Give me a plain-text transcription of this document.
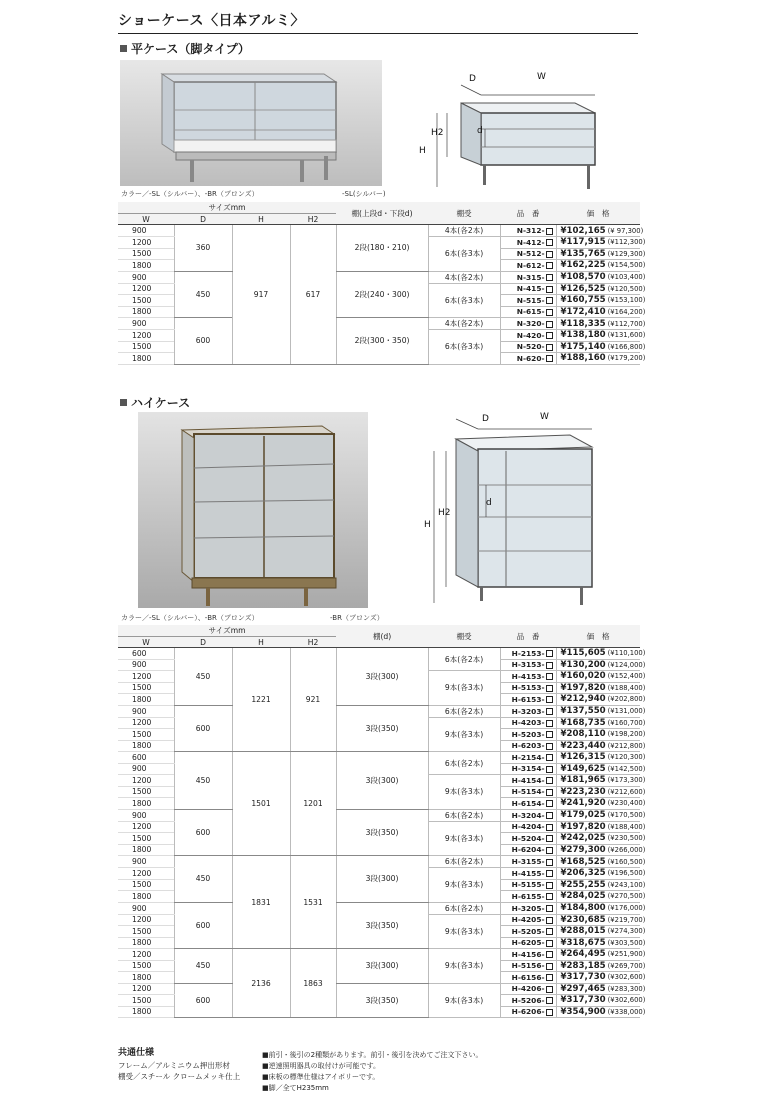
ショーケース〈日本アルミ〉
平ケース（脚タイプ）
カラー／-SL（シルバー）、-BR（ブロンズ）	-SL(シルバー)
D	W
H2
H
d
サイズmm				棚(上段d・下段d)	棚受	品　番	価　格
W	D	H	H2				
900	360	917	617	2段(180・210)	4本(各2本)	N-312-	¥102,165 (¥ 97,300)
1200					6本(各3本)	N-412-	¥117,915 (¥112,300)
1500						N-512-	¥135,765 (¥129,300)
1800						N-612-	¥162,225 (¥154,500)
900	450			2段(240・300)	4本(各2本)	N-315-	¥108,570 (¥103,400)
1200					6本(各3本)	N-415-	¥126,525 (¥120,500)
1500						N-515-	¥160,755 (¥153,100)
1800						N-615-	¥172,410 (¥164,200)
900	600			2段(300・350)	4本(各2本)	N-320-	¥118,335 (¥112,700)
1200					6本(各3本)	N-420-	¥138,180 (¥131,600)
1500						N-520-	¥175,140 (¥166,800)
1800						N-620-	¥188,160 (¥179,200)
ハイケース
カラー／-SL（シルバー）、-BR（ブロンズ）	-BR（ブロンズ）
D	W
H2
H
d
サイズmm				棚(d)	棚受	品　番	価　格
W	D	H	H2				
600	450	1221	921	3段(300)	6本(各2本)	H-2153-	¥115,605 (¥110,100)
900						H-3153-	¥130,200 (¥124,000)
1200					9本(各3本)	H-4153-	¥160,020 (¥152,400)
1500						H-5153-	¥197,820 (¥188,400)
1800						H-6153-	¥212,940 (¥202,800)
900	600			3段(350)	6本(各2本)	H-3203-	¥137,550 (¥131,000)
1200					9本(各3本)	H-4203-	¥168,735 (¥160,700)
1500						H-5203-	¥208,110 (¥198,200)
1800						H-6203-	¥223,440 (¥212,800)
600	450	1501	1201	3段(300)	6本(各2本)	H-2154-	¥126,315 (¥120,300)
900						H-3154-	¥149,625 (¥142,500)
1200					9本(各3本)	H-4154-	¥181,965 (¥173,300)
1500						H-5154-	¥223,230 (¥212,600)
1800						H-6154-	¥241,920 (¥230,400)
900	600			3段(350)	6本(各2本)	H-3204-	¥179,025 (¥170,500)
1200					9本(各3本)	H-4204-	¥197,820 (¥188,400)
1500						H-5204-	¥242,025 (¥230,500)
1800						H-6204-	¥279,300 (¥266,000)
900	450	1831	1531	3段(300)	6本(各2本)	H-3155-	¥168,525 (¥160,500)
1200					9本(各3本)	H-4155-	¥206,325 (¥196,500)
1500						H-5155-	¥255,255 (¥243,100)
1800						H-6155-	¥284,025 (¥270,500)
900	600			3段(350)	6本(各2本)	H-3205-	¥184,800 (¥176,000)
1200					9本(各3本)	H-4205-	¥230,685 (¥219,700)
1500						H-5205-	¥288,015 (¥274,300)
1800						H-6205-	¥318,675 (¥303,500)
1200	450	2136	1863	3段(300)	9本(各3本)	H-4156-	¥264,495 (¥251,900)
1500						H-5156-	¥283,185 (¥269,700)
1800						H-6156-	¥317,730 (¥302,600)
1200	600			3段(350)	9本(各3本)	H-4206-	¥297,465 (¥283,300)
1500						H-5206-	¥317,730 (¥302,600)
1800						H-6206-	¥354,900 (¥338,000)
共通仕様
フレーム／アルミニウム押出形材
棚受／スチール クロームメッキ仕上
■前引・後引の2種類があります。前引・後引を決めてご注文下さい。
■逆速照明器具の取付けが可能です。
■床板の標準仕様はアイボリーです。
■脚／全てH235mm
